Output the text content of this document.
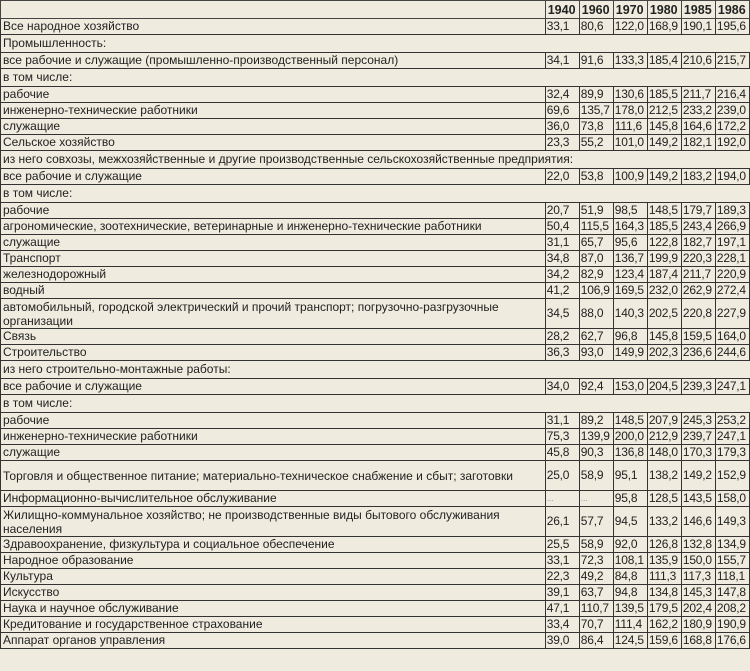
	1940	1960	1970	1980	1985	1986
Все народное хозяйство	33,1	80,6	122,0	168,9	190,1	195,6
Промышленность:						
все рабочие и служащие (промышленно-производственный персонал)	34,1	91,6	133,3	185,4	210,6	215,7
в том числе:						
рабочие	32,4	89,9	130,6	185,5	211,7	216,4
инженерно-технические работники	69,6	135,7	178,0	212,5	233,2	239,0
служащие	36,0	73,8	111,6	145,8	164,6	172,2
Сельское хозяйство	23,3	55,2	101,0	149,2	182,1	192,0
из него совхозы, межхозяйственные и другие производственные сельскохозяйственные предприятия:						
все рабочие и служащие	22,0	53,8	100,9	149,2	183,2	194,0
в том числе:						
рабочие	20,7	51,9	98,5	148,5	179,7	189,3
агрономические, зоотехнические, ветеринарные и инженерно-технические работники	50,4	115,5	164,3	185,5	243,4	266,9
служащие	31,1	65,7	95,6	122,8	182,7	197,1
Транспорт	34,8	87,0	136,7	199,9	220,3	228,1
железнодорожный	34,2	82,9	123,4	187,4	211,7	220,9
водный	41,2	106,9	169,5	232,0	262,9	272,4
автомобильный, городской электрический и прочий транспорт; погрузочно-разгрузочные организации	34,5	88,0	140,3	202,5	220,8	227,9
Связь	28,2	62,7	96,8	145,8	159,5	164,0
Строительство	36,3	93,0	149,9	202,3	236,6	244,6
из него строительно-монтажные работы:						
все рабочие и служащие	34,0	92,4	153,0	204,5	239,3	247,1
в том числе:						
рабочие	31,1	89,2	148,5	207,9	245,3	253,2
инженерно-технические работники	75,3	139,9	200,0	212,9	239,7	247,1
служащие	45,8	90,3	136,8	148,0	170,3	179,3
Торговля и общественное питание; материально-техническое снабжение и сбыт; заготовки	25,0	58,9	95,1	138,2	149,2	152,9
Информационно-вычислительное обслуживание	...	...	95,8	128,5	143,5	158,0
Жилищно-коммунальное хозяйство; не производственные виды бытового обслуживания населения	26,1	57,7	94,5	133,2	146,6	149,3
Здравоохранение, физкультура и социальное обеспечение	25,5	58,9	92,0	126,8	132,8	134,9
Народное образование	33,1	72,3	108,1	135,9	150,0	155,7
Культура	22,3	49,2	84,8	111,3	117,3	118,1
Искусство	39,1	63,7	94,8	134,8	145,3	147,8
Наука и научное обслуживание	47,1	110,7	139,5	179,5	202,4	208,2
Кредитование и государственное страхование	33,4	70,7	111,4	162,2	180,9	190,9
Аппарат органов управления	39,0	86,4	124,5	159,6	168,8	176,6
